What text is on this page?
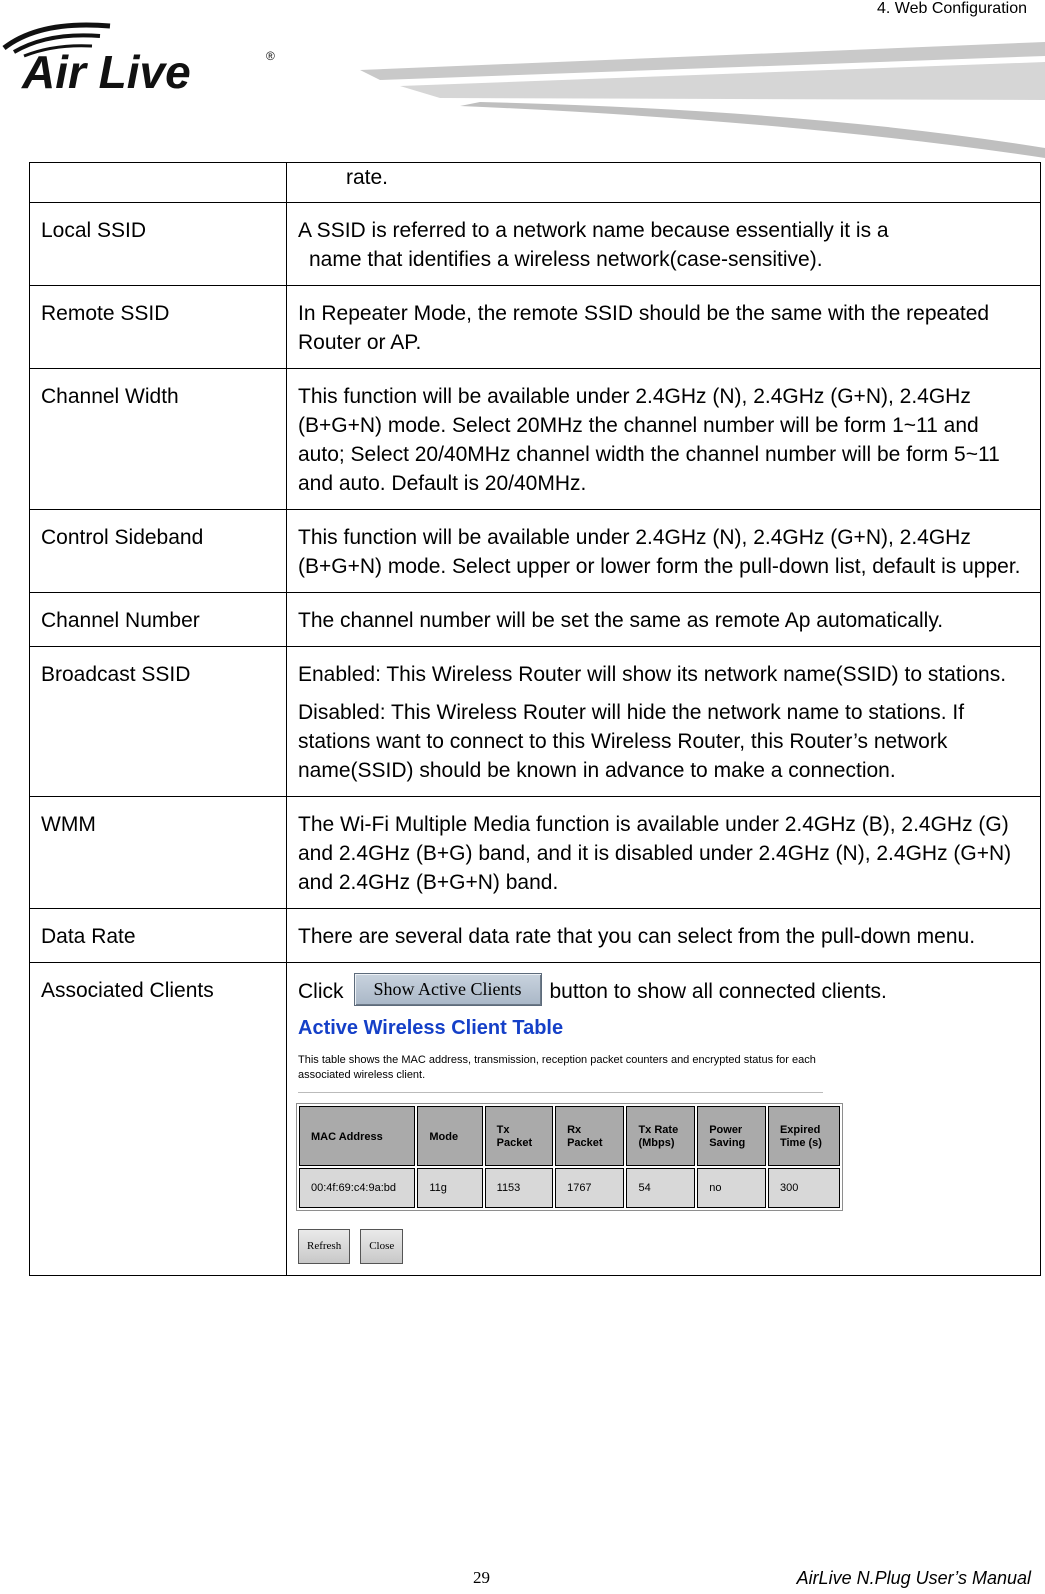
4. Web Configuration
Air Live	®

rate.

Local SSID	A SSID is referred to a network name because essentially it is a
name that identifies a wireless network(case-sensitive).

Remote SSID	In Repeater Mode, the remote SSID should be the same with the repeated Router or AP.
Channel Width	This function will be available under 2.4GHz (N), 2.4GHz (G+N), 2.4GHz (B+G+N) mode. Select 20MHz the channel number will be form 1~11 and auto; Select 20/40MHz channel width the channel number will be form 5~11 and auto. Default is 20/40MHz.
Control Sideband	This function will be available under 2.4GHz (N), 2.4GHz (G+N), 2.4GHz (B+G+N) mode. Select upper or lower form the pull-down list, default is upper.
Channel Number	The channel number will be set the same as remote Ap automatically.
Broadcast SSID	Enabled: This Wireless Router will show its network name(SSID) to stations.
Disabled: This Wireless Router will hide the network name to stations. If stations want to connect to this Wireless Router, this Router’s network name(SSID) should be known in advance to make a connection.

WMM	The Wi-Fi Multiple Media function is available under 2.4GHz (B), 2.4GHz (G) and 2.4GHz (B+G) band, and it is disabled under 2.4GHz (N), 2.4GHz (G+N) and 2.4GHz (B+G+N) band.
Data Rate	There are several data rate that you can select from the pull-down menu.
Associated Clients	Click Show Active Clients button to show all connected clients.
Active Wireless Client Table
This table shows the MAC address, transmission, reception packet counters and encrypted status for each associated wireless client.
MAC Address	Mode	Tx Packet	Rx Packet	Tx Rate (Mbps)	Power Saving	Expired Time (s)
00:4f:69:c4:9a:bd	11g	1153	1767	54	no	300
Refresh	Close
29	AirLive N.Plug User’s Manual
